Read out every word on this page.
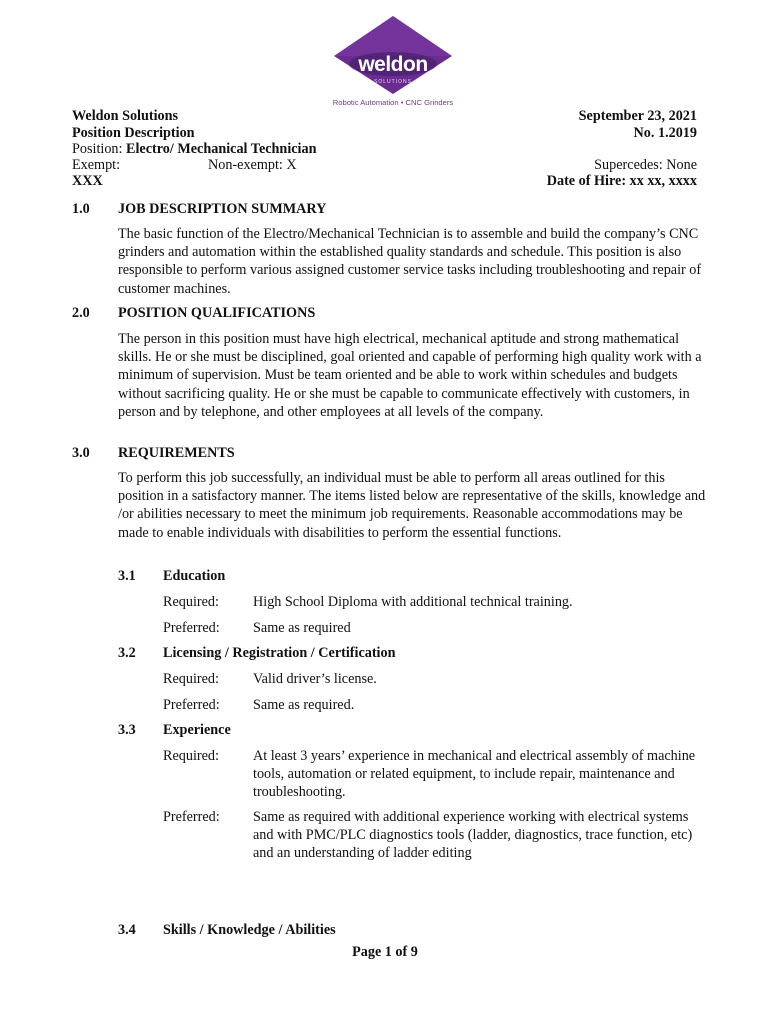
weldon
SOLUTIONS
Robotic Automation • CNC Grinders
Weldon Solutions
Position Description
Position: Electro/ Mechanical Technician
Exempt:	Non-exempt: X
XXX
September 23, 2021
No. 1.2019
Supercedes: None
Date of Hire: xx xx, xxxx
1.0 JOB DESCRIPTION SUMMARY
The basic function of the Electro/Mechanical Technician is to assemble and build the company’s CNC grinders and automation within the established quality standards and schedule. This position is also responsible to perform various assigned customer service tasks including troubleshooting and repair of customer machines.
2.0 POSITION QUALIFICATIONS
The person in this position must have high electrical, mechanical aptitude and strong mathematical skills. He or she must be disciplined, goal oriented and capable of performing high quality work with a minimum of supervision. Must be team oriented and be able to work within schedules and budgets without sacrificing quality. He or she must be capable to communicate effectively with customers, in person and by telephone, and other employees at all levels of the company.
3.0 REQUIREMENTS
To perform this job successfully, an individual must be able to perform all areas outlined for this position in a satisfactory manner. The items listed below are representative of the skills, knowledge and /or abilities necessary to meet the minimum job requirements. Reasonable accommodations may be made to enable individuals with disabilities to perform the essential functions.
3.1 Education
Required: High School Diploma with additional technical training.
Preferred: Same as required
3.2 Licensing / Registration / Certification
Required: Valid driver’s license.
Preferred: Same as required.
3.3 Experience
Required: At least 3 years’ experience in mechanical and electrical assembly of machine tools, automation or related equipment, to include repair, maintenance and troubleshooting.
Preferred: Same as required with additional experience working with electrical systems and with PMC/PLC diagnostics tools (ladder, diagnostics, trace function, etc) and an understanding of ladder editing
3.4 Skills / Knowledge / Abilities
Page 1 of 9
